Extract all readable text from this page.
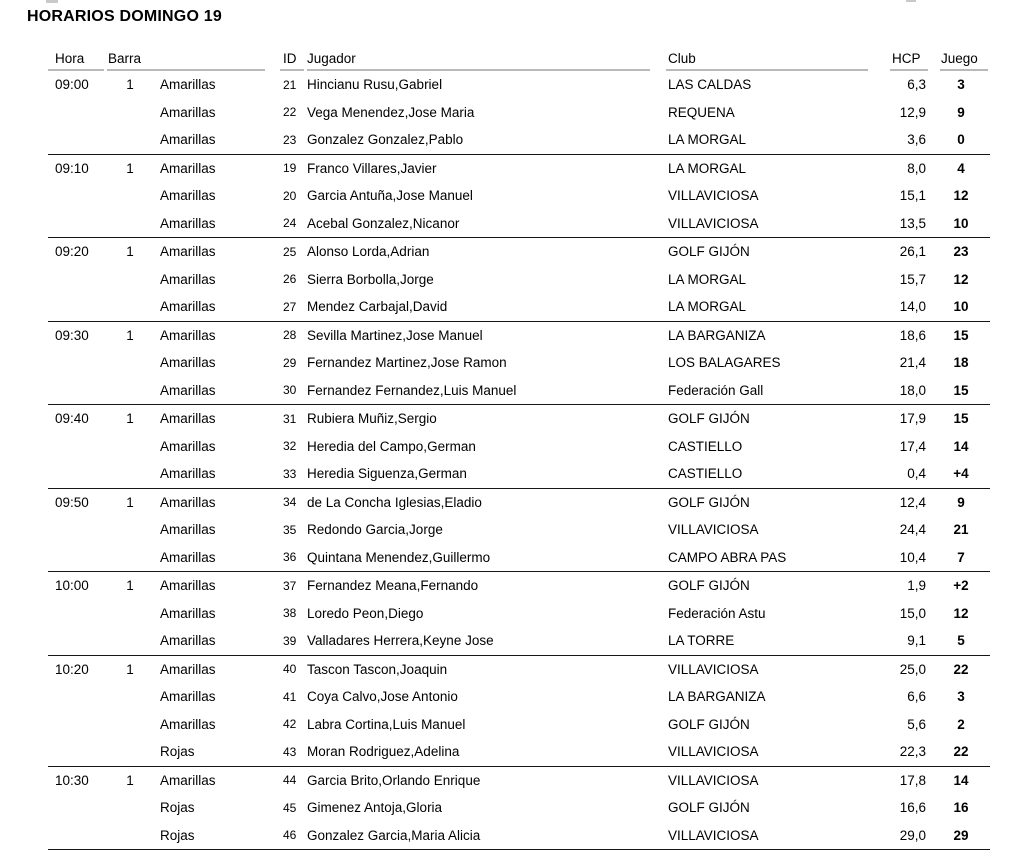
HORARIOS DOMINGO 19
Hora	Barra		ID	Jugador	Club	HCP	Juego

09:00	1	Amarillas	21	Hincianu Rusu,Gabriel	LAS CALDAS	6,3	3
		Amarillas	22	Vega Menendez,Jose Maria	REQUENA	12,9	9
		Amarillas	23	Gonzalez Gonzalez,Pablo	LA MORGAL	3,6	0
09:10	1	Amarillas	19	Franco Villares,Javier	LA MORGAL	8,0	4
		Amarillas	20	Garcia Antuña,Jose Manuel	VILLAVICIOSA	15,1	12
		Amarillas	24	Acebal Gonzalez,Nicanor	VILLAVICIOSA	13,5	10
09:20	1	Amarillas	25	Alonso Lorda,Adrian	GOLF GIJÓN	26,1	23
		Amarillas	26	Sierra Borbolla,Jorge	LA MORGAL	15,7	12
		Amarillas	27	Mendez Carbajal,David	LA MORGAL	14,0	10
09:30	1	Amarillas	28	Sevilla Martinez,Jose Manuel	LA BARGANIZA	18,6	15
		Amarillas	29	Fernandez Martinez,Jose Ramon	LOS BALAGARES	21,4	18
		Amarillas	30	Fernandez Fernandez,Luis Manuel	Federación Gall	18,0	15
09:40	1	Amarillas	31	Rubiera Muñiz,Sergio	GOLF GIJÓN	17,9	15
		Amarillas	32	Heredia del Campo,German	CASTIELLO	17,4	14
		Amarillas	33	Heredia Siguenza,German	CASTIELLO	0,4	+4
09:50	1	Amarillas	34	de La Concha Iglesias,Eladio	GOLF GIJÓN	12,4	9
		Amarillas	35	Redondo Garcia,Jorge	VILLAVICIOSA	24,4	21
		Amarillas	36	Quintana Menendez,Guillermo	CAMPO ABRA PAS	10,4	7
10:00	1	Amarillas	37	Fernandez Meana,Fernando	GOLF GIJÓN	1,9	+2
		Amarillas	38	Loredo Peon,Diego	Federación Astu	15,0	12
		Amarillas	39	Valladares Herrera,Keyne Jose	LA TORRE	9,1	5
10:20	1	Amarillas	40	Tascon Tascon,Joaquin	VILLAVICIOSA	25,0	22
		Amarillas	41	Coya Calvo,Jose Antonio	LA BARGANIZA	6,6	3
		Amarillas	42	Labra Cortina,Luis Manuel	GOLF GIJÓN	5,6	2
		Rojas	43	Moran Rodriguez,Adelina	VILLAVICIOSA	22,3	22
10:30	1	Amarillas	44	Garcia Brito,Orlando Enrique	VILLAVICIOSA	17,8	14
		Rojas	45	Gimenez Antoja,Gloria	GOLF GIJÓN	16,6	16
		Rojas	46	Gonzalez Garcia,Maria Alicia	VILLAVICIOSA	29,0	29
